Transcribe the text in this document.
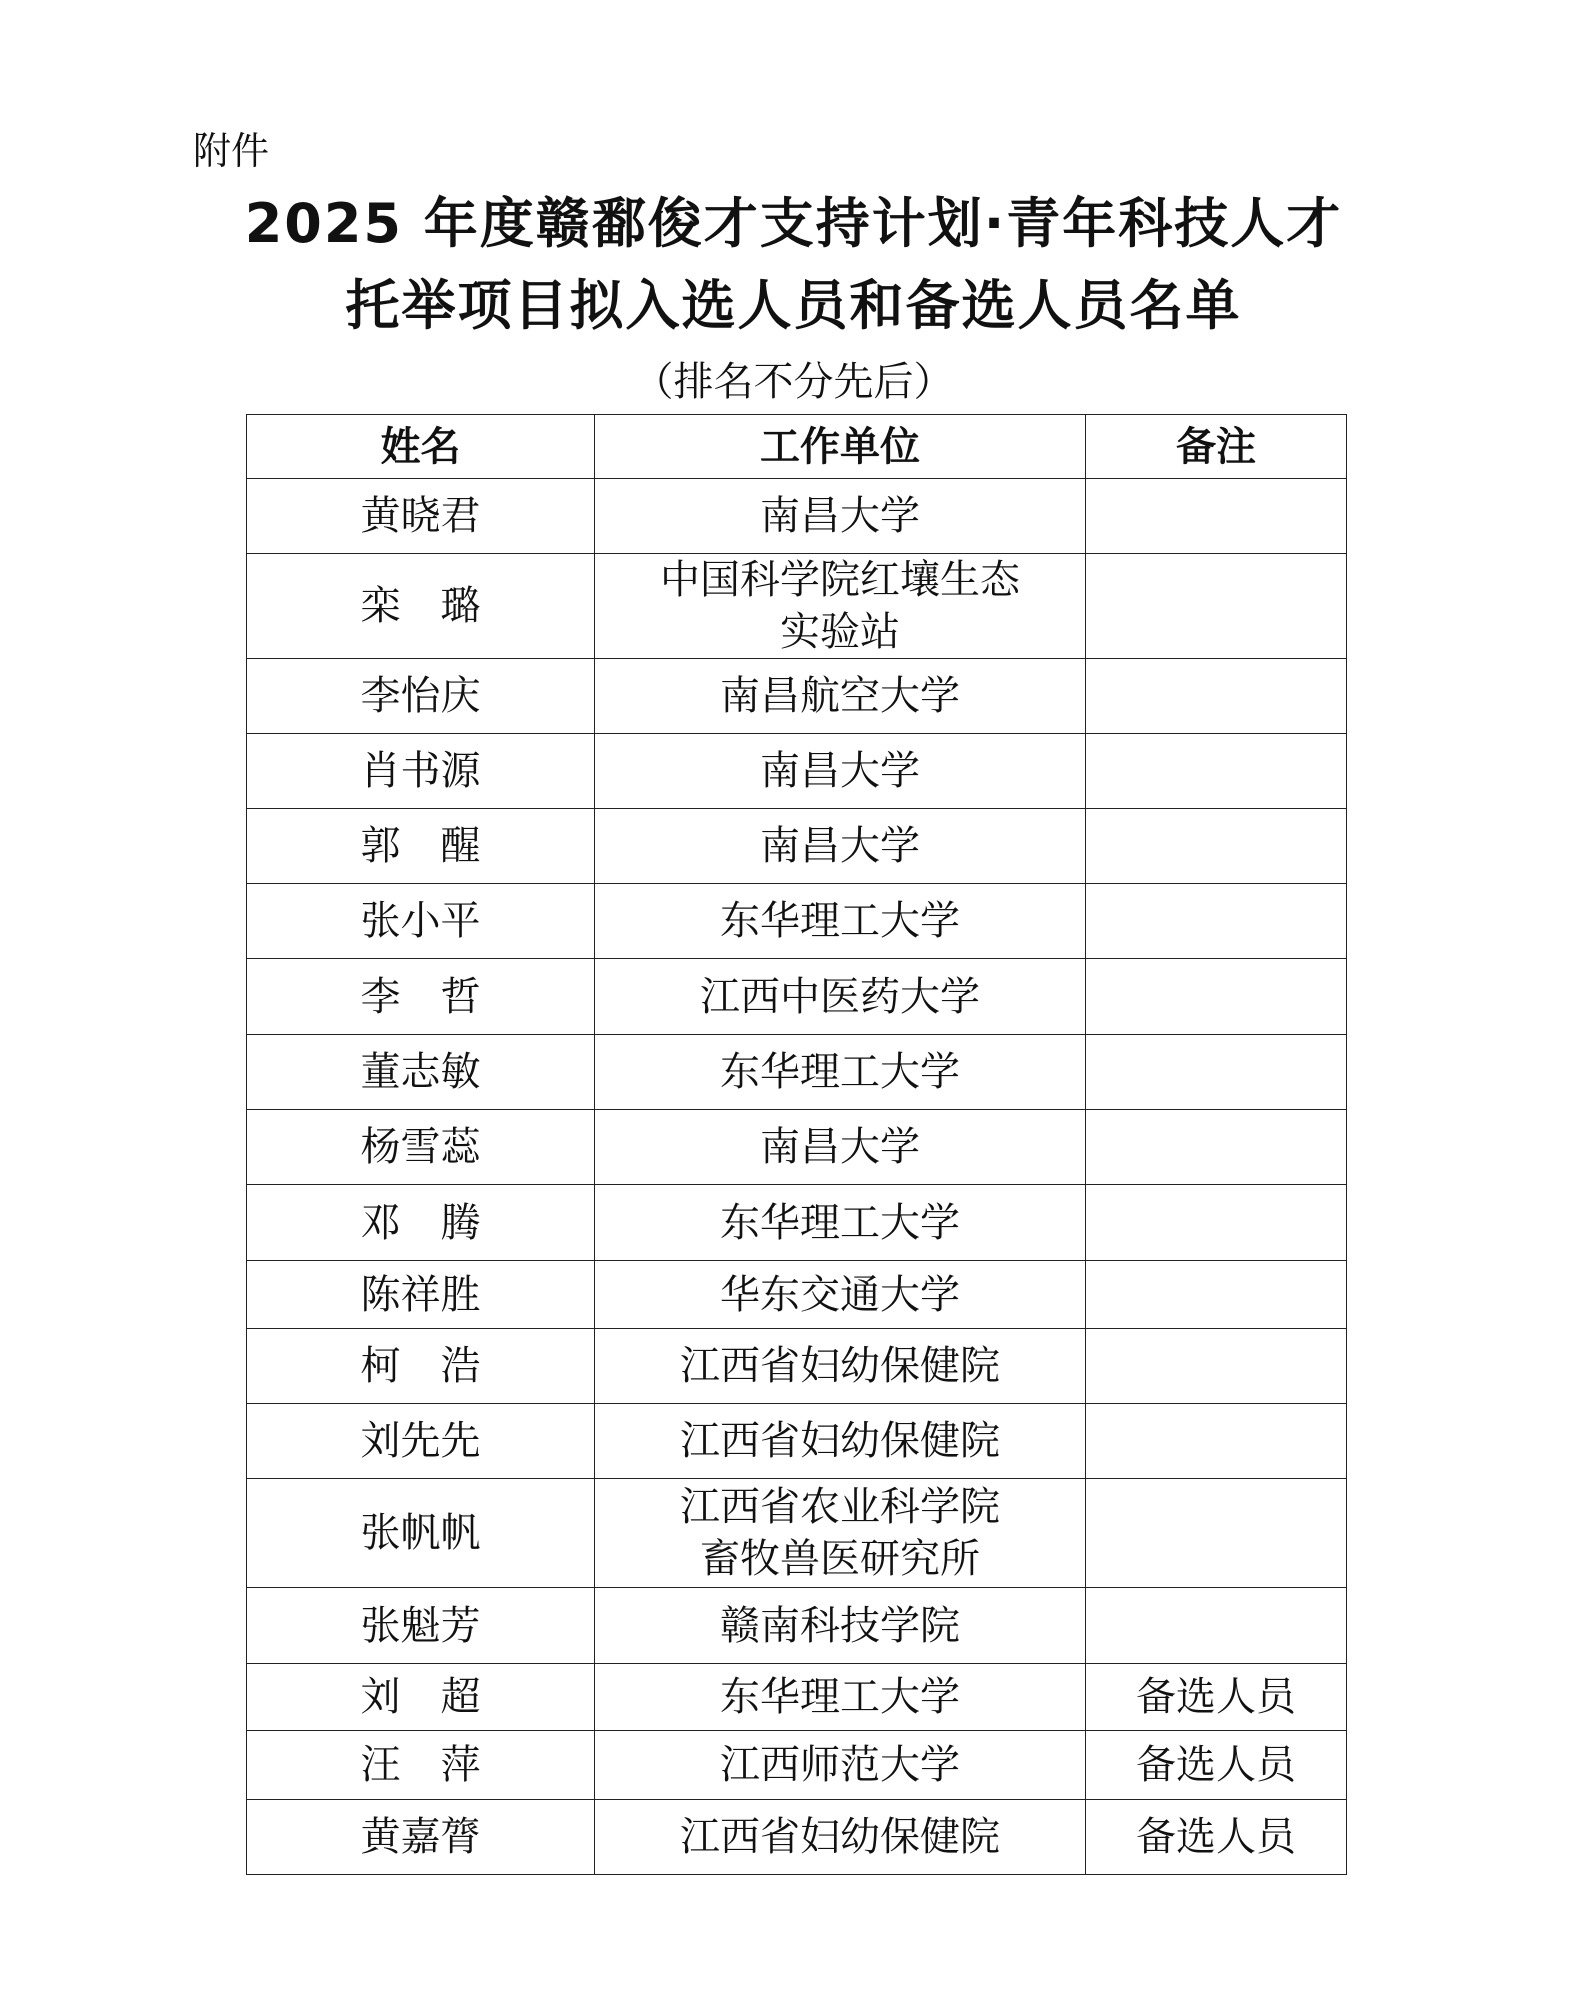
附件
2025 年度赣鄱俊才支持计划·青年科技人才
托举项目拟入选人员和备选人员名单
（排名不分先后）
姓名	工作单位	备注
黄晓君	南昌大学	
栾　璐	中国科学院红壤生态
实验站	
李怡庆	南昌航空大学	
肖书源	南昌大学	
郭　醒	南昌大学	
张小平	东华理工大学	
李　哲	江西中医药大学	
董志敏	东华理工大学	
杨雪蕊	南昌大学	
邓　腾	东华理工大学	
陈祥胜	华东交通大学	
柯　浩	江西省妇幼保健院	
刘先先	江西省妇幼保健院	
张帆帆	江西省农业科学院
畜牧兽医研究所	
张魁芳	赣南科技学院	
刘　超	东华理工大学	备选人员
汪　萍	江西师范大学	备选人员
黄嘉膂	江西省妇幼保健院	备选人员
